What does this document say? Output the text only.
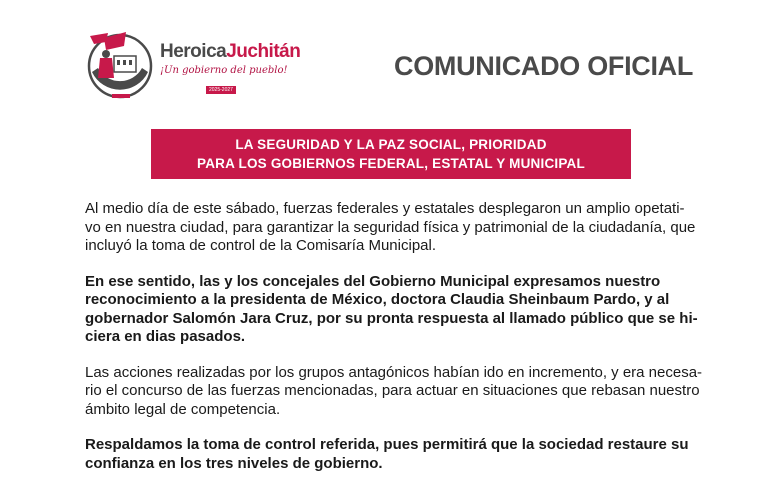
HeroicaJuchitán
¡Un gobierno del pueblo!
2025-2027
COMUNICADO OFICIAL
LA SEGURIDAD Y LA PAZ SOCIAL, PRIORIDAD
PARA LOS GOBIERNOS FEDERAL, ESTATAL Y MUNICIPAL

Al medio día de este sábado, fuerzas federales y estatales desplegaron un amplio opetati-
vo en nuestra ciudad, para garantizar la seguridad física y patrimonial de la ciudadanía, que
incluyó la toma de control de la Comisaría Municipal.

En ese sentido, las y los concejales del Gobierno Municipal expresamos nuestro
reconocimiento a la presidenta de México, doctora Claudia Sheinbaum Pardo, y al
gobernador Salomón Jara Cruz, por su pronta respuesta al llamado público que se hi-
ciera en dias pasados.

Las acciones realizadas por los grupos antagónicos habían ido en incremento, y era necesa-
rio el concurso de las fuerzas mencionadas, para actuar en situaciones que rebasan nuestro
ámbito legal de competencia.

Respaldamos la toma de control referida, pues permitirá que la sociedad restaure su
confianza en los tres niveles de gobierno.
